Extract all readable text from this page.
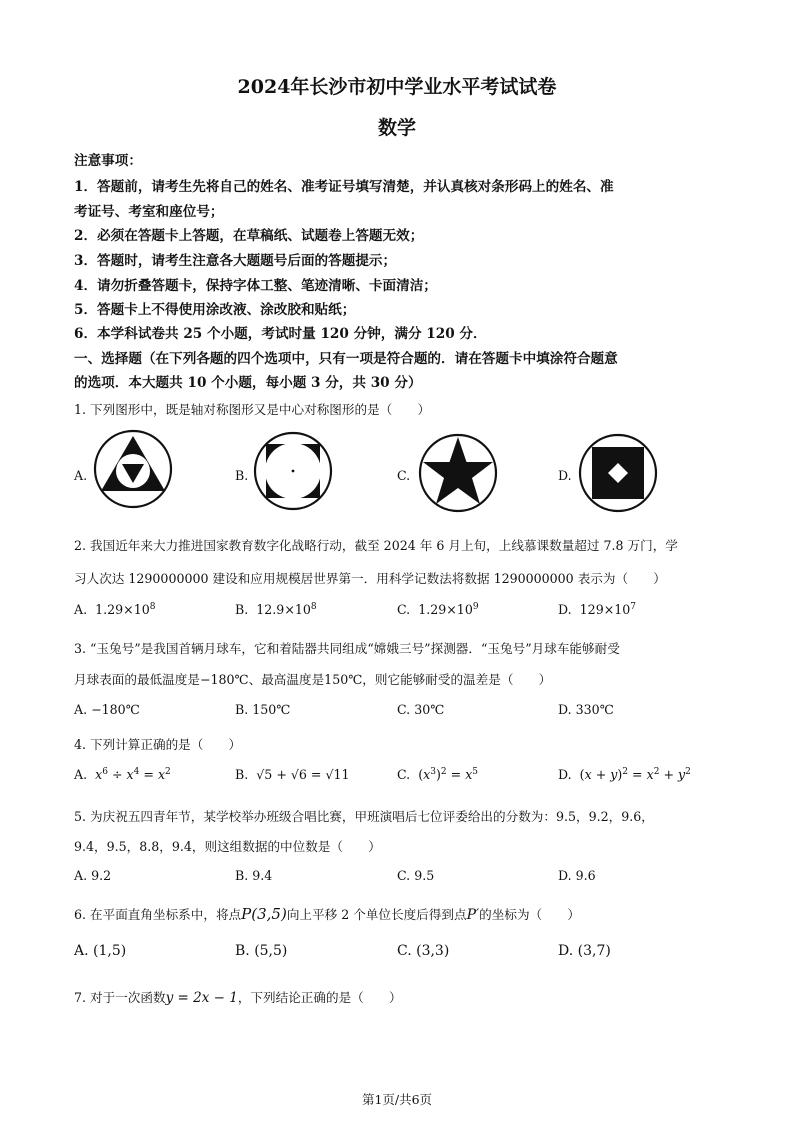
2024年长沙市初中学业水平考试试卷
数学
注意事项：
1．答题前，请考生先将自己的姓名、准考证号填写清楚，并认真核对条形码上的姓名、准
考证号、考室和座位号；
2．必须在答题卡上答题，在草稿纸、试题卷上答题无效；
3．答题时，请考生注意各大题题号后面的答题提示；
4．请勿折叠答题卡，保持字体工整、笔迹清晰、卡面清洁；
5．答题卡上不得使用涂改液、涂改胶和贴纸；
6．本学科试卷共 25 个小题，考试时量 120 分钟，满分 120 分．
一、选择题（在下列各题的四个选项中，只有一项是符合题的．请在答题卡中填涂符合题意
的选项．本大题共 10 个小题，每小题 3 分，共 30 分）
1. 下列图形中，既是轴对称图形又是中心对称图形的是（　　）
A.	B.	C.	D.
2. 我国近年来大力推进国家教育数字化战略行动，截至 2024 年 6 月上旬，上线慕课数量超过 7.8 万门，学
习人次达 1290000000 建设和应用规模居世界第一．用科学记数法将数据 1290000000 表示为（　　）
A. $1.29\times 10^8$	B. $12.9\times 10^8$	C. $1.29\times 10^9$	D. $129\times 10^7$
3. “玉兔号”是我国首辆月球车，它和着陆器共同组成“嫦娥三号”探测器．“玉兔号”月球车能够耐受
月球表面的最低温度是−180℃、最高温度是150℃，则它能够耐受的温差是（　　）
A. −180℃	B. 150℃	C. 30℃	D. 330℃
4. 下列计算正确的是（　　）
A. $x^6 \div x^4 = x^2$	B. √5 + √6 = √11	C.  $(x^3)^2 = x^5$	D.  $(x + y)^2 = x^2 + y^2$
5. 为庆祝五四青年节，某学校举办班级合唱比赛，甲班演唱后七位评委给出的分数为：9.5，9.2，9.6，
9.4，9.5，8.8，9.4，则这组数据的中位数是（　　）
A. 9.2	B. 9.4	C. 9.5	D. 9.6
6. 在平面直角坐标系中，将点P(3,5)向上平移 2 个单位长度后得到点P′的坐标为（　　）
A. (1,5)	B. (5,5)	C. (3,3)	D. (3,7)
7. 对于一次函数y = 2x − 1，下列结论正确的是（　　）
第1页/共6页
